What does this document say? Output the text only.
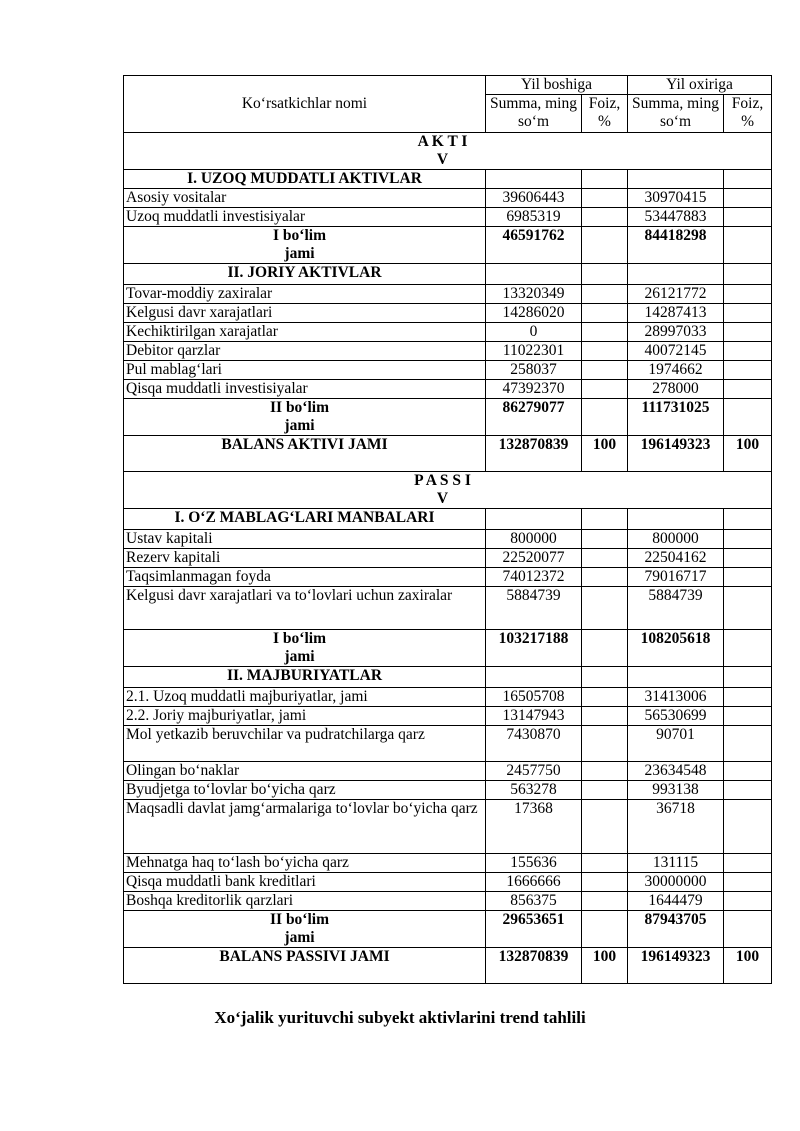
Ko‘rsatkichlar nomi	Yil boshiga		Yil oxiriga	
	Summa, ming so‘m	Foiz, %	Summa, ming so‘m	Foiz, %
A K T I V				
I. UZOQ MUDDATLI AKTIVLAR				
Asosiy vositalar	39606443		30970415	
Uzoq muddatli investisiyalar	6985319		53447883	
I bo‘lim jami	46591762		84418298	
II. JORIY AKTIVLAR				
Tovar-moddiy zaxiralar	13320349		26121772	
Kelgusi davr xarajatlari	14286020		14287413	
Kechiktirilgan xarajatlar	0		28997033	
Debitor qarzlar	11022301		40072145	
Pul mablag‘lari	258037		1974662	
Qisqa muddatli investisiyalar	47392370		278000	
II bo‘lim jami	86279077		111731025	
BALANS AKTIVI JAMI	132870839	100	196149323	100
P A S S I V				
I. O‘Z MABLAG‘LARI MANBALARI				
Ustav kapitali	800000		800000	
Rezerv kapitali	22520077		22504162	
Taqsimlanmagan foyda	74012372		79016717	
Kelgusi davr xarajatlari va to‘lovlari uchun zaxiralar	5884739		5884739	
I bo‘lim jami	103217188		108205618	
II. MAJBURIYATLAR				
2.1. Uzoq muddatli majburiyatlar, jami	16505708		31413006	
2.2. Joriy majburiyatlar, jami	13147943		56530699	
Mol yetkazib beruvchilar va pudratchilarga qarz	7430870		90701	
Olingan bo‘naklar	2457750		23634548	
Byudjetga to‘lovlar bo‘yicha qarz	563278		993138	
Maqsadli davlat jamg‘armalariga to‘lovlar bo‘yicha qarz	17368		36718	
Mehnatga haq to‘lash bo‘yicha qarz	155636		131115	
Qisqa muddatli bank kreditlari	1666666		30000000	
Boshqa kreditorlik qarzlari	856375		1644479	
II bo‘lim jami	29653651		87943705	
BALANS PASSIVI JAMI	132870839	100	196149323	100
Xo‘jalik yurituvchi subyekt aktivlarini trend tahlili
